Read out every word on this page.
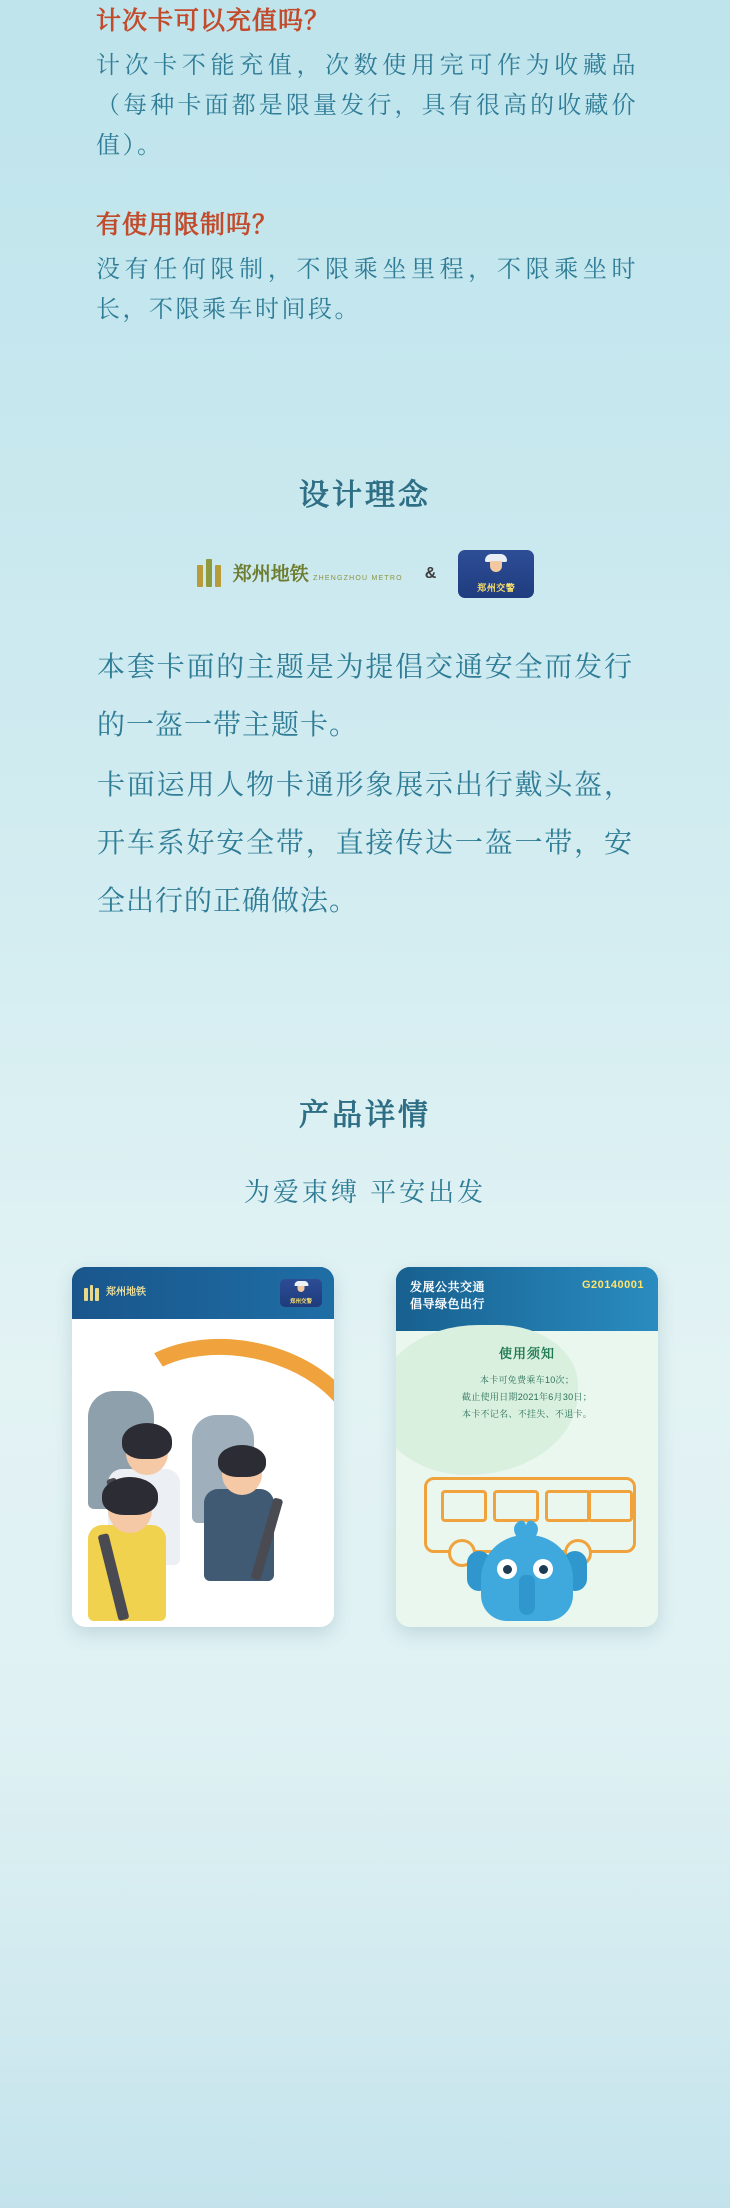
计次卡可以充值吗？

计次卡不能充值，次数使用完可作为收藏品（每种卡面都是限量发行，具有很高的收藏价值）。

有使用限制吗？

没有任何限制，不限乘坐里程，不限乘坐时长，不限乘车时间段。

设计理念
郑州地铁 ZHENGZHOU METRO &
郑州交警

本套卡面的主题是为提倡交通安全而发行的一盔一带主题卡。

卡面运用人物卡通形象展示出行戴头盔，开车系好安全带，直接传达一盔一带，安全出行的正确做法。

产品详情
为爱束缚 平安出发
郑州地铁
郑州交警
发展公共交通
倡导绿色出行
G20140001
使用须知
本卡可免费乘车10次；
截止使用日期2021年6月30日；
本卡不记名、不挂失、不退卡。
